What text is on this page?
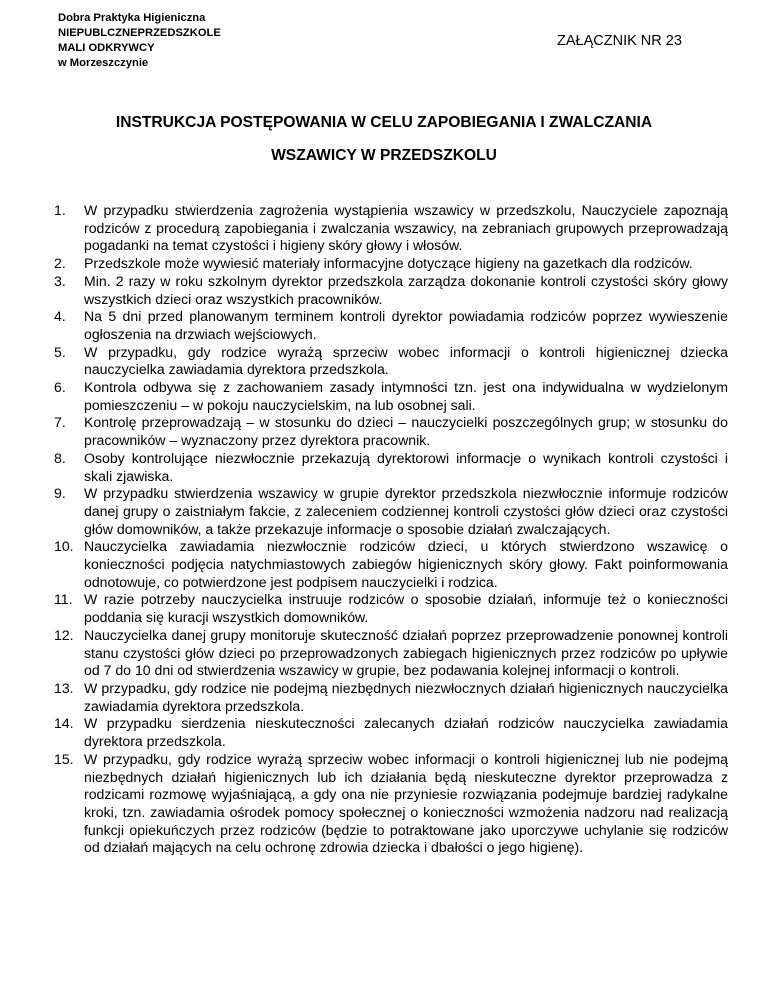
Dobra Praktyka Higieniczna
NIEPUBLCZNEPRZEDSZKOLE
MALI ODKRYWCY
w Morzeszczynie
ZAŁĄCZNIK NR 23
INSTRUKCJA POSTĘPOWANIA W CELU ZAPOBIEGANIA I ZWALCZANIA
WSZAWICY W PRZEDSZKOLU
1.	W przypadku stwierdzenia zagrożenia wystąpienia wszawicy w przedszkolu, Nauczyciele zapoznają rodziców z procedurą zapobiegania i zwalczania wszawicy, na zebraniach grupowych przeprowadzają pogadanki na temat czystości i higieny skóry głowy i włosów.
2.	Przedszkole może wywiesić materiały informacyjne dotyczące higieny na gazetkach dla rodziców.
3.	Min. 2 razy w roku szkolnym dyrektor przedszkola zarządza dokonanie kontroli czystości skóry głowy wszystkich dzieci oraz wszystkich pracowników.
4.	Na 5 dni przed planowanym terminem kontroli dyrektor powiadamia rodziców poprzez wywieszenie ogłoszenia na drzwiach wejściowych.
5.	W przypadku, gdy rodzice wyrażą sprzeciw wobec informacji o kontroli higienicznej dziecka nauczycielka zawiadamia dyrektora przedszkola.
6.	Kontrola odbywa się z zachowaniem zasady intymności tzn. jest ona indywidualna w wydzielonym pomieszczeniu – w pokoju nauczycielskim, na lub osobnej sali.
7.	Kontrolę przeprowadzają – w stosunku do dzieci – nauczycielki poszczególnych grup; w stosunku do pracowników – wyznaczony przez dyrektora pracownik.
8.	Osoby kontrolujące niezwłocznie przekazują dyrektorowi informacje o wynikach kontroli czystości i skali zjawiska.
9.	W przypadku stwierdzenia wszawicy w grupie dyrektor przedszkola niezwłocznie informuje rodziców danej grupy o zaistniałym fakcie, z zaleceniem codziennej kontroli czystości głów dzieci oraz czystości głów domowników, a także przekazuje informacje o sposobie działań zwalczających.
10. Nauczycielka zawiadamia niezwłocznie rodziców dzieci, u których stwierdzono wszawicę o konieczności podjęcia natychmiastowych zabiegów higienicznych skóry głowy. Fakt poinformowania odnotowuje, co potwierdzone jest podpisem nauczycielki i rodzica.
11. W razie potrzeby nauczycielka instruuje rodziców o sposobie działań, informuje też o konieczności poddania się kuracji wszystkich domowników.
12. Nauczycielka danej grupy monitoruje skuteczność działań poprzez przeprowadzenie ponownej kontroli stanu czystości głów dzieci po przeprowadzonych zabiegach higienicznych przez rodziców po upływie od 7 do 10 dni od stwierdzenia wszawicy w grupie, bez podawania kolejnej informacji o kontroli.
13. W przypadku, gdy rodzice nie podejmą niezbędnych niezwłocznych działań higienicznych nauczycielka zawiadamia dyrektora przedszkola.
14. W przypadku sierdzenia nieskuteczności zalecanych działań rodziców nauczycielka zawiadamia dyrektora przedszkola.
15. W przypadku, gdy rodzice wyrażą sprzeciw wobec informacji o kontroli higienicznej lub nie podejmą niezbędnych działań higienicznych lub ich działania będą nieskuteczne dyrektor przeprowadza z rodzicami rozmowę wyjaśniającą, a gdy ona nie przyniesie rozwiązania podejmuje bardziej radykalne kroki, tzn. zawiadamia ośrodek pomocy społecznej o konieczności wzmożenia nadzoru nad realizacją funkcji opiekuńczych przez rodziców (będzie to potraktowane jako uporczywe uchylanie się rodziców od działań mających na celu ochronę zdrowia dziecka i dbałości o jego higienę).
